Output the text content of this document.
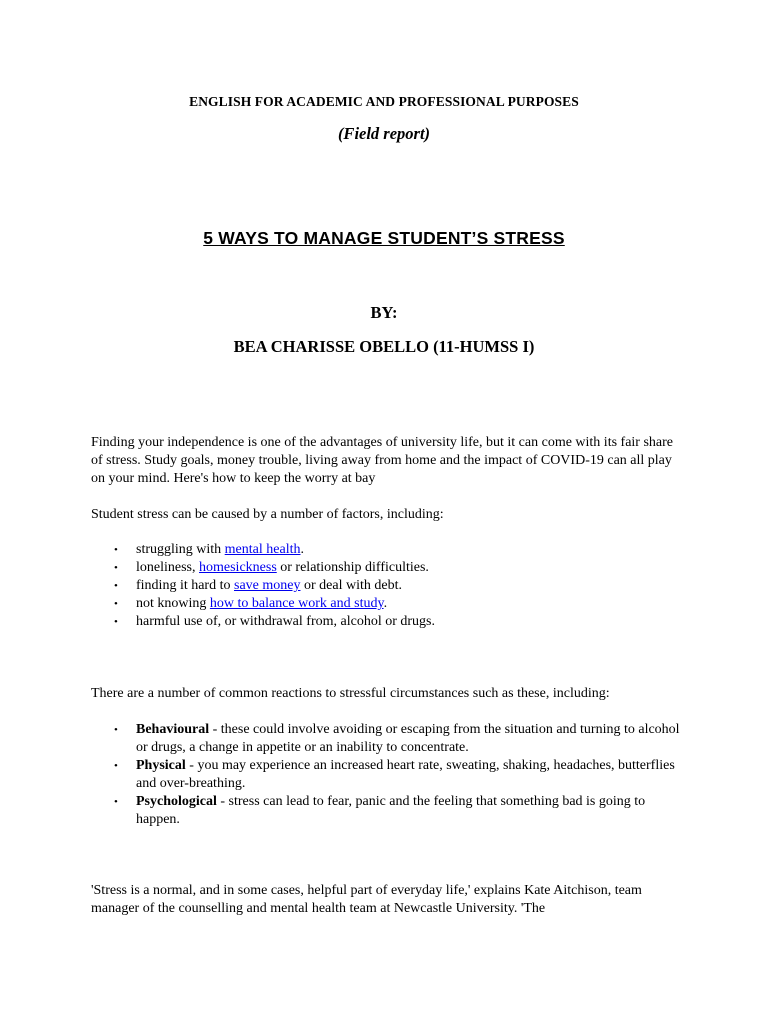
ENGLISH FOR ACADEMIC AND PROFESSIONAL PURPOSES
(Field report)
5 WAYS TO MANAGE STUDENT’S STRESS
BY:
BEA CHARISSE OBELLO (11-HUMSS I)
Finding your independence is one of the advantages of university life, but it can come with its fair share of stress. Study goals, money trouble, living away from home and the impact of COVID-19 can all play on your mind. Here's how to keep the worry at bay
Student stress can be caused by a number of factors, including:
• struggling with mental health.
• loneliness, homesickness or relationship difficulties.
• finding it hard to save money or deal with debt.
• not knowing how to balance work and study.
• harmful use of, or withdrawal from, alcohol or drugs.
There are a number of common reactions to stressful circumstances such as these, including:
• Behavioural - these could involve avoiding or escaping from the situation and turning to alcohol or drugs, a change in appetite or an inability to concentrate.
• Physical - you may experience an increased heart rate, sweating, shaking, headaches, butterflies and over-breathing.
• Psychological - stress can lead to fear, panic and the feeling that something bad is going to happen.
'Stress is a normal, and in some cases, helpful part of everyday life,' explains Kate Aitchison, team manager of the counselling and mental health team at Newcastle University. 'The
